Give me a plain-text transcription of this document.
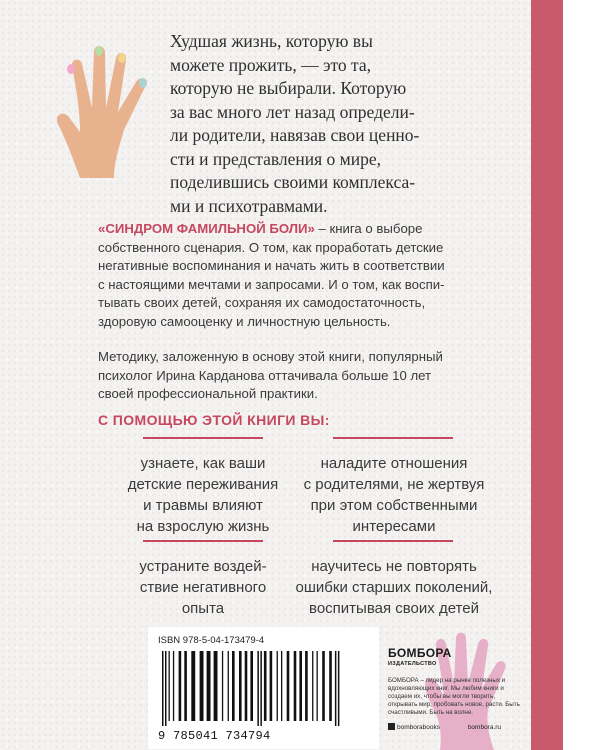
Худшая жизнь, которую вы
можете прожить, — это та,
которую не выбирали. Которую
за вас много лет назад определи-
ли родители, навязав свои ценно-
сти и представления о мире,
поделившись своими комплекса-
ми и психотравмами.
«СИНДРОМ ФАМИЛЬНОЙ БОЛИ» – книга о выборе
собственного сценария. О том, как проработать детские
негативные воспоминания и начать жить в соответствии
с настоящими мечтами и запросами. И о том, как воспи-
тывать своих детей, сохраняя их самодостаточность,
здоровую самооценку и личностную цельность.
Методику, заложенную в основу этой книги, популярный
психолог Ирина Карданова оттачивала больше 10 лет
своей профессиональной практики.
С ПОМОЩЬЮ ЭТОЙ КНИГИ ВЫ:
узнаете, как ваши
детские переживания
и травмы влияют
на взрослую жизнь
наладите отношения
с родителями, не жертвуя
при этом собственными
интересами
устраните воздей-
ствие негативного
опыта
научитесь не повторять
ошибки старших поколений,
воспитывая своих детей
ISBN 978-5-04-173479-4
9 785041 734794
БОМБОРА
ИЗДАТЕЛЬСТВО
БОМБОРА – лидер на рынке полезных и вдохновляющих книг. Мы любим книги и создаем их, чтобы вы могли творить, открывать мир, пробовать новое, расти. Быть счастливыми. Быть на волне.
bomborabooks	bombora.ru
